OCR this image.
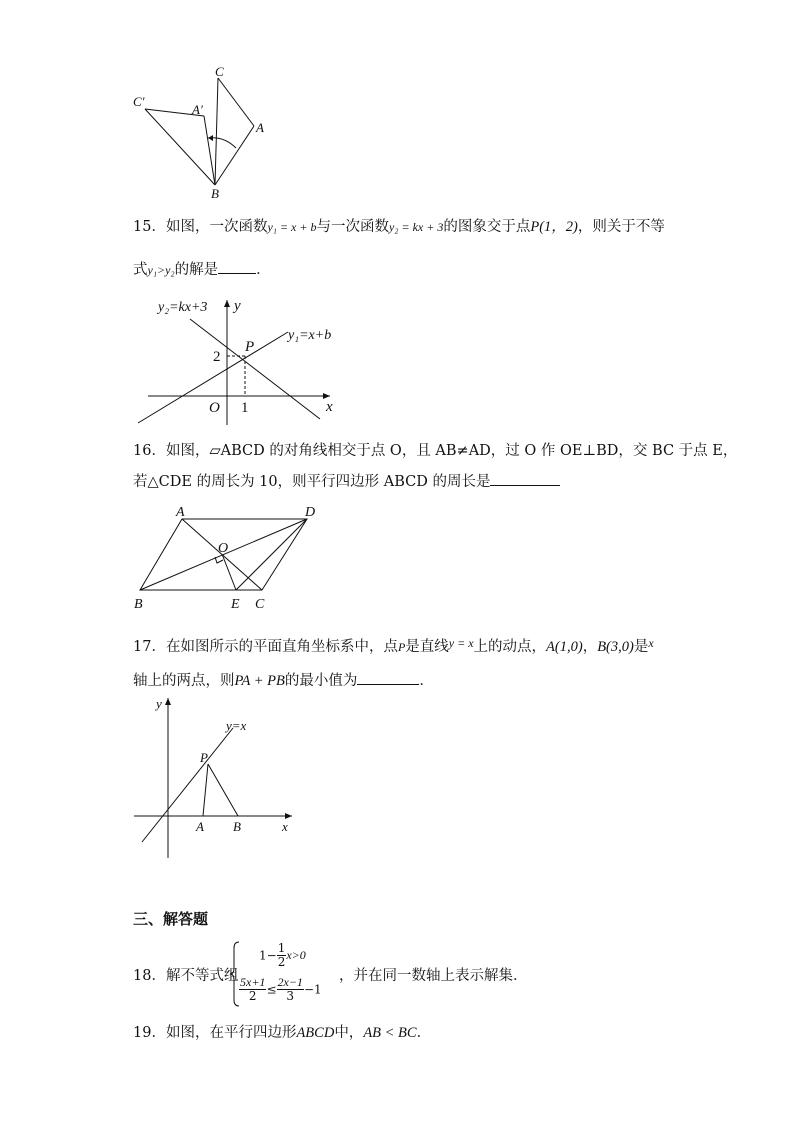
C
C′
A′
A
B
15．如图，一次函数y₁ = x + b与一次函数y₂ = kx + 3的图象交于点P(1，2)，则关于不等
式y₁>y₂的解是	．
y₂=kx+3 y
y₁=x+b
P
2
O 1	x
16．如图，▱ABCD 的对角线相交于点 O，且 AB≠AD，过 O 作 OE⊥BD，交 BC 于点 E，
若△CDE 的周长为 10，则平行四边形 ABCD 的周长是
A	D
O
B	E C
17．在如图所示的平面直角坐标系中，点P是直线$^{y = x}$上的动点，A(1,0)，B(3,0)是$^x$
轴上的两点，则PA + PB的最小值为	．
y
y=x
P
A B	x
三、解答题
18．解不等式组
$1- \frac{1}{2} x>0$
$\frac{5x+1}{2} \le \frac{2x-1}{3} -1$
，并在同一数轴上表示解集．
19．如图，在平行四边形ABCD中，AB < BC．
